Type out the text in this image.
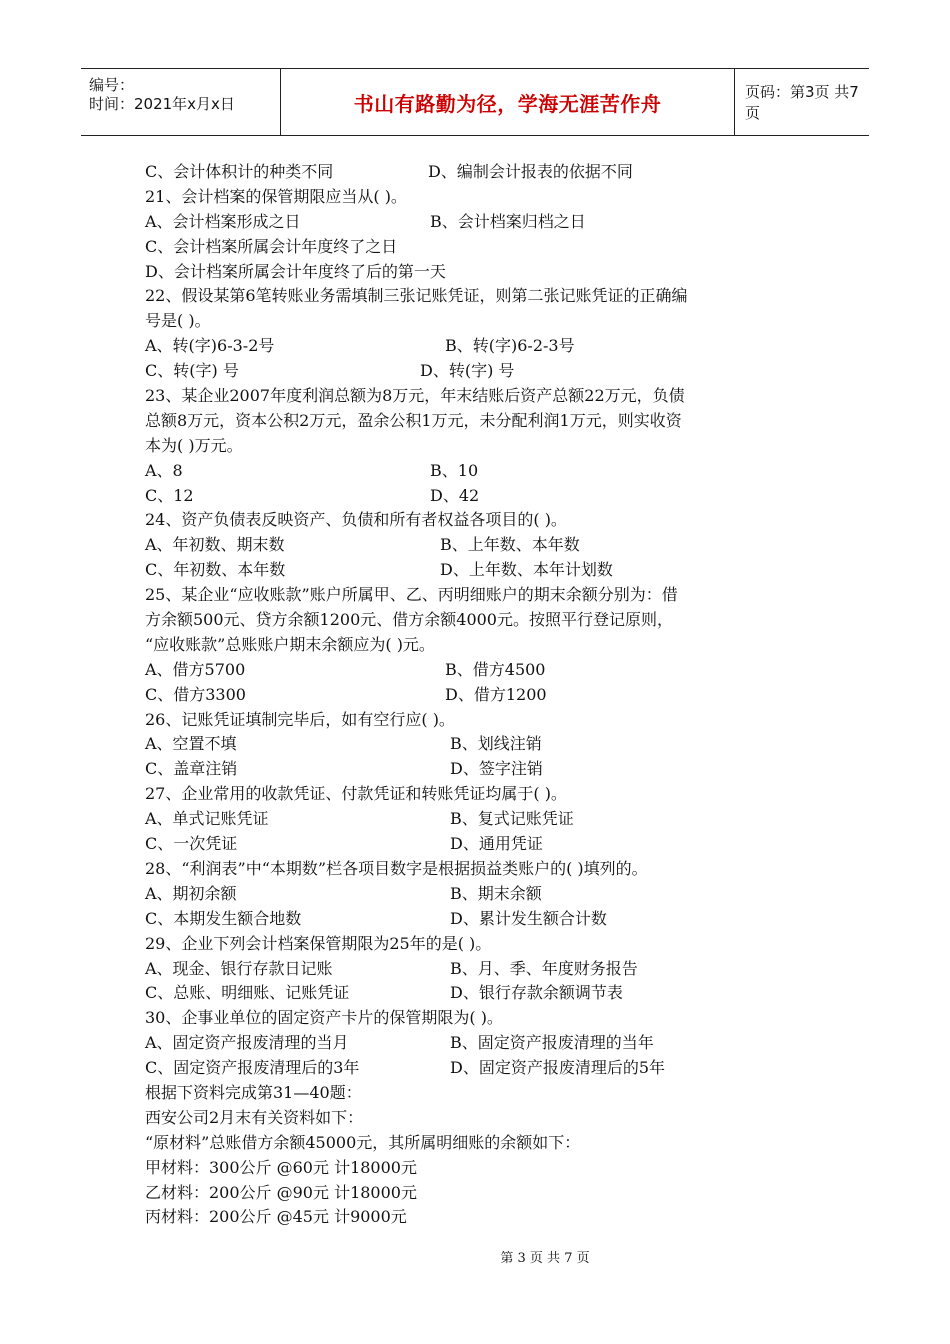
编号：
时间：2021年x月x日	书山有路勤为径，学海无涯苦作舟	页码：第3页 共7页
C、会计体积计的种类不同	D、编制会计报表的依据不同
21、会计档案的保管期限应当从( )。
A、会计档案形成之日	B、会计档案归档之日
C、会计档案所属会计年度终了之日
D、会计档案所属会计年度终了后的第一天
22、假设某第6笔转账业务需填制三张记账凭证，则第二张记账凭证的正确编
号是( )。
A、转(字)6-3-2号	B、转(字)6-2-3号
C、转(字) 号	D、转(字) 号
23、某企业2007年度利润总额为8万元，年末结账后资产总额22万元，负债
总额8万元，资本公积2万元，盈余公积1万元，未分配利润1万元，则实收资
本为( )万元。
A、8	B、10
C、12	D、42
24、资产负债表反映资产、负债和所有者权益各项目的( )。
A、年初数、期末数	B、上年数、本年数
C、年初数、本年数	D、上年数、本年计划数
25、某企业“应收账款”账户所属甲、乙、丙明细账户的期末余额分别为：借
方余额500元、贷方余额1200元、借方余额4000元。按照平行登记原则，
“应收账款”总账账户期末余额应为( )元。
A、借方5700	B、借方4500
C、借方3300	D、借方1200
26、记账凭证填制完毕后，如有空行应( )。
A、空置不填	B、划线注销
C、盖章注销	D、签字注销
27、企业常用的收款凭证、付款凭证和转账凭证均属于( )。
A、单式记账凭证	B、复式记账凭证
C、一次凭证	D、通用凭证
28、“利润表”中“本期数”栏各项目数字是根据损益类账户的( )填列的。
A、期初余额	B、期末余额
C、本期发生额合地数	D、累计发生额合计数
29、企业下列会计档案保管期限为25年的是( )。
A、现金、银行存款日记账	B、月、季、年度财务报告
C、总账、明细账、记账凭证	D、银行存款余额调节表
30、企事业单位的固定资产卡片的保管期限为( )。
A、固定资产报废清理的当月	B、固定资产报废清理的当年
C、固定资产报废清理后的3年	D、固定资产报废清理后的5年
根据下资料完成第31—40题：
西安公司2月末有关资料如下：
“原材料”总账借方余额45000元，其所属明细账的余额如下：
甲材料：300公斤 @60元 计18000元
乙材料：200公斤 @90元 计18000元
丙材料：200公斤 @45元 计9000元
第 3 页 共 7 页
